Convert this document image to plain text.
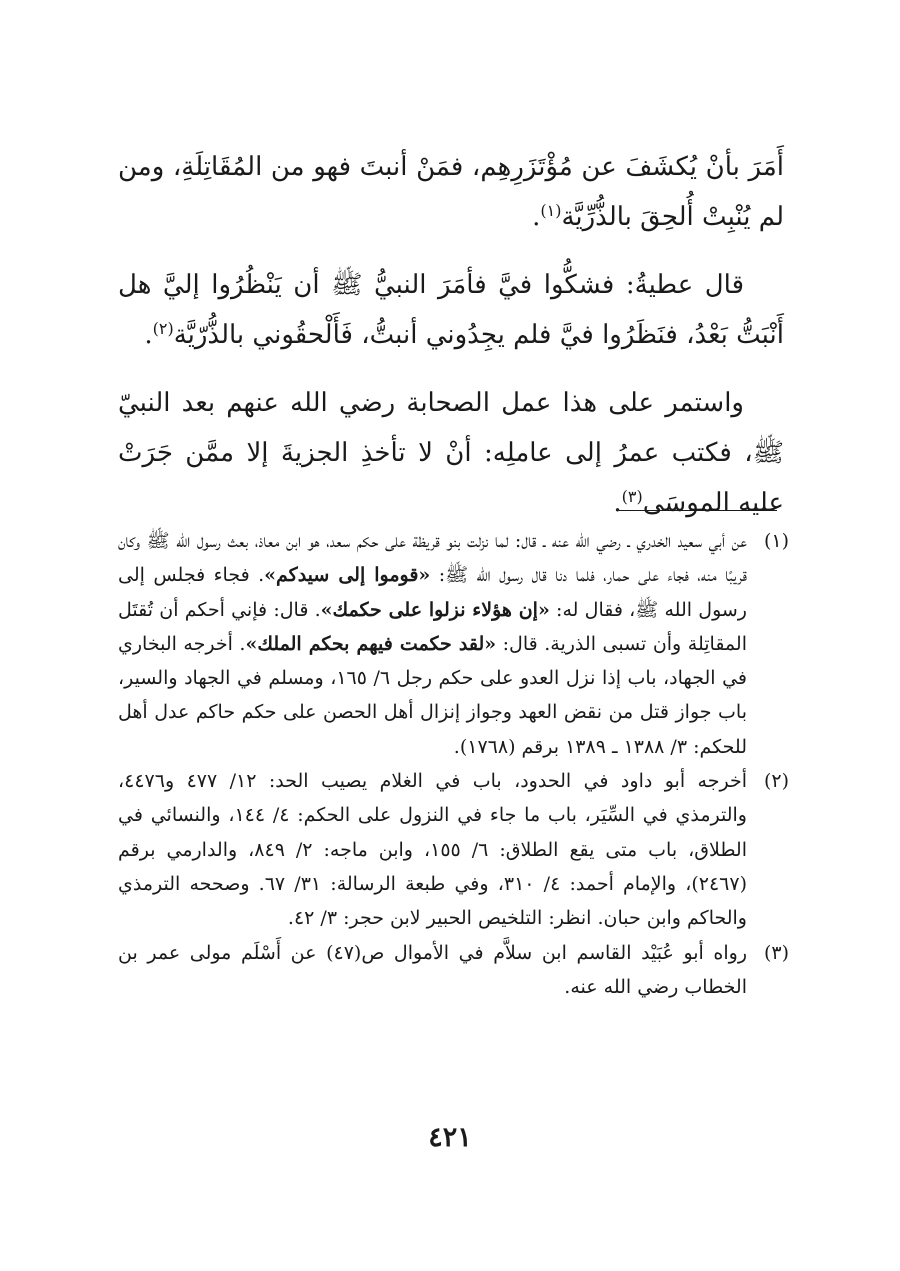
أَمَرَ بأنْ يُكشَفَ عن مُؤْتَزَرِهِم، فمَنْ أنبتَ فهو من المُقَاتِلَةِ، ومن لم يُنْبِتْ أُلحِقَ بالذُّرِّيَّة$^{(١)}$.

قال عطيةُ: فشكُّوا فيَّ فأمَرَ النبيُّ ﷺ أن يَنْظُرُوا إليَّ هل أَنْبَتُّ بَعْدُ، فنَظَرُوا فيَّ فلم يجِدُوني أنبتُّ، فَأَلْحقُوني بالذُّرّيَّة$^{(٢)}$.

واستمر على هذا عمل الصحابة رضي الله عنهم بعد النبيّ ﷺ، فكتب عمرُ إلى عاملِه: أنْ لا تأخذِ الجزيةَ إلا ممَّن جَرَتْ عليه الموسَى$^{(٣)}$.

(١)
عن أبي سعيد الخدري ـ رضي الله عنه ـ قال: لما نزلت بنو قريظة على حكم سعد، هو ابن معاذ، بعث رسول الله ﷺ وكان قريبًا منه، فجاء على حمار، فلما دنا قال رسول الله ﷺ: «قوموا إلى سيدكم». فجاء فجلس إلى رسول الله ﷺ، فقال له: «إن هؤلاء نزلوا على حكمك». قال: فإني أحكم أن تُقتَل المقاتِلة وأن تسبى الذرية. قال: «لقد حكمت فيهم بحكم الملك». أخرجه البخاري في الجهاد، باب إذا نزل العدو على حكم رجل ٦/ ١٦٥، ومسلم في الجهاد والسير، باب جواز قتل من نقض العهد وجواز إنزال أهل الحصن على حكم حاكم عدل أهل للحكم: ٣/ ١٣٨٨ ـ ١٣٨٩ برقم (١٧٦٨).
(٢)
أخرجه أبو داود في الحدود، باب في الغلام يصيب الحد: ١٢/ ٤٧٧ و٤٤٧٦، والترمذي في السِّيَر، باب ما جاء في النزول على الحكم: ٤/ ١٤٤، والنسائي في الطلاق، باب متى يقع الطلاق: ٦/ ١٥٥، وابن ماجه: ٢/ ٨٤٩، والدارمي برقم (٢٤٦٧)، والإمام أحمد: ٤/ ٣١٠، وفي طبعة الرسالة: ٣١/ ٦٧. وصححه الترمذي والحاكم وابن حبان. انظر: التلخيص الحبير لابن حجر: ٣/ ٤٢.
(٣)
رواه أبو عُبَيْد القاسم ابن سلاَّم في الأموال ص(٤٧) عن أَسْلَم مولى عمر بن الخطاب رضي الله عنه.
٤٢١
